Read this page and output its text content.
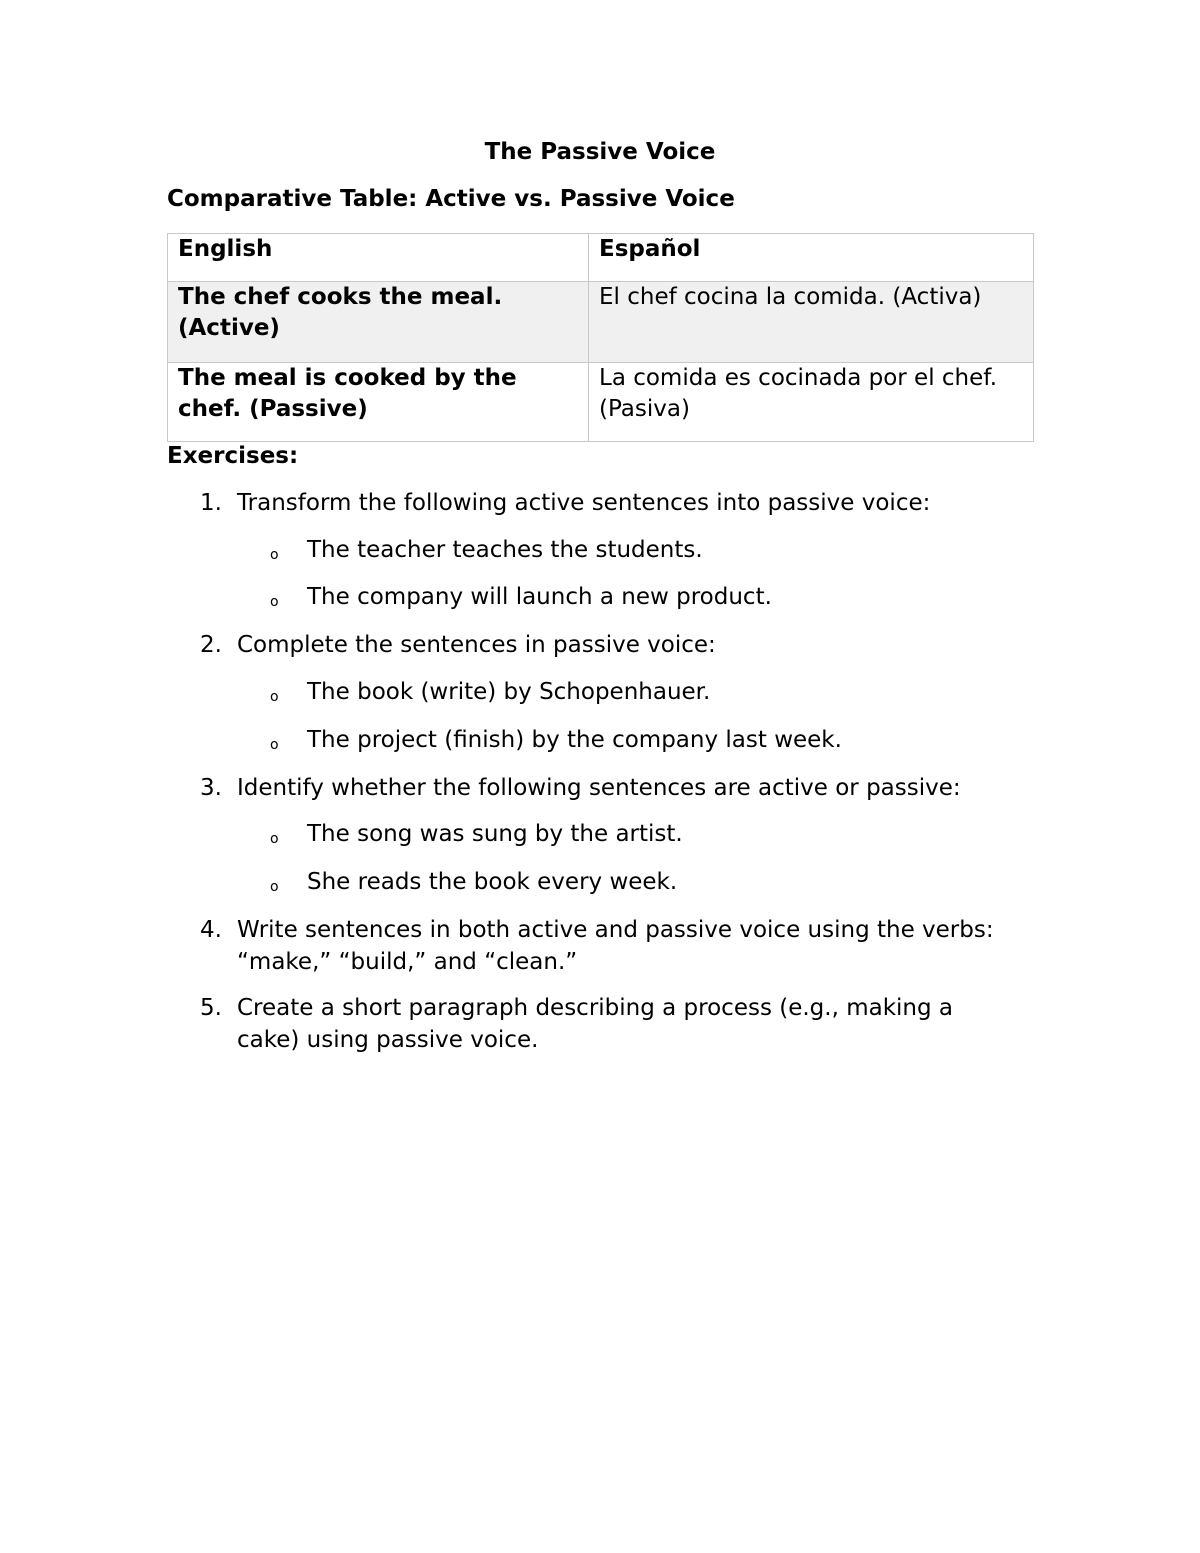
The Passive Voice
Comparative Table: Active vs. Passive Voice
English	Español
The chef cooks the meal. (Active)	El chef cocina la comida. (Activa)
The meal is cooked by the chef. (Passive)	La comida es cocinada por el chef. (Pasiva)
Exercises:
1. Transform the following active sentences into passive voice:
o The teacher teaches the students.
o The company will launch a new product.
2. Complete the sentences in passive voice:
o The book (write) by Schopenhauer.
o The project (finish) by the company last week.
3. Identify whether the following sentences are active or passive:
o The song was sung by the artist.
o She reads the book every week.
4. Write sentences in both active and passive voice using the verbs: “make,” “build,” and “clean.”
5. Create a short paragraph describing a process (e.g., making a cake) using passive voice.
